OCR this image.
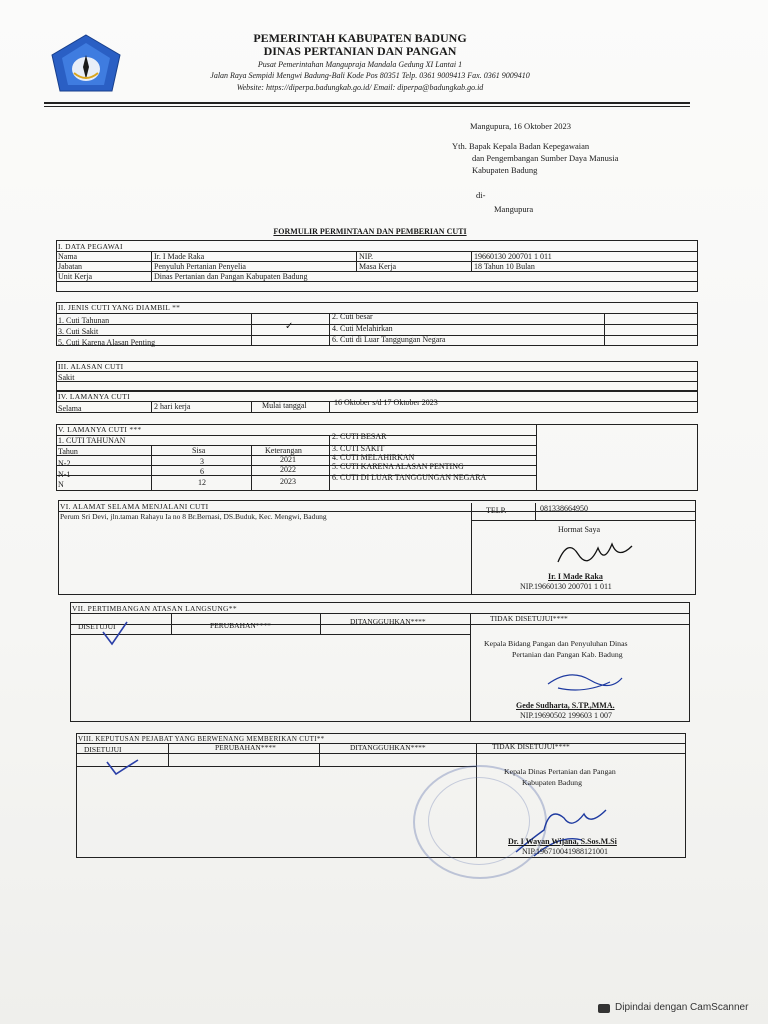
PEMERINTAH KABUPATEN BADUNG
DINAS PERTANIAN DAN PANGAN
Pusat Pemerintahan Mangupraja Mandala Gedung XI Lantai 1
Jalan Raya Sempidi Mengwi Badung-Bali Kode Pos 80351 Telp. 0361 9009413 Fax. 0361 9009410
Website: https://diperpa.badungkab.go.id/ Email: diperpa@badungkab.go.id
Mangupura, 16 Oktober 2023
Yth. Bapak Kepala Badan Kepegawaian
dan Pengembangan Sumber Daya Manusia
Kabupaten Badung
di-
Mangupura
FORMULIR PERMINTAAN DAN PEMBERIAN CUTI
I. DATA PEGAWAI
Nama	Ir. I Made Raka	NIP.	19660130 200701 1 011
Jabatan	Penyuluh Pertanian Penyelia	Masa Kerja	18 Tahun 10 Bulan
Unit Kerja	Dinas Pertanian dan Pangan Kabupaten Badung
II. JENIS CUTI YANG DIAMBIL **
1. Cuti Tahunan	2. Cuti besar
3. Cuti Sakit	✓	4. Cuti Melahirkan
5. Cuti Karena Alasan Penting	6. Cuti di Luar Tanggungan Negara
III. ALASAN CUTI
Sakit
IV. LAMANYA CUTI
Selama	2 hari kerja	Mulai tanggal	16 Oktober s/d 17 Oktober 2023
V. LAMANYA CUTI ***
1. CUTI TAHUNAN	2. CUTI BESAR
Tahun	Sisa	Keterangan	3. CUTI SAKIT
N-2	3	2021	4. CUTI MELAHIRKAN
N-1	6	2022	5. CUTI KARENA ALASAN PENTING
N	12	2023	6. CUTI DI LUAR TANGGUNGAN NEGARA
VI. ALAMAT SELAMA MENJALANI CUTI	TELP.	081338664950
Perum Sri Devi, jln.taman Rahayu Ia no 8 Br.Bernasi, DS.Buduk, Kec. Mengwi, Badung
Hormat Saya
Ir. I Made Raka
NIP.19660130 200701 1 011
VII. PERTIMBANGAN ATASAN LANGSUNG**
DISETUJUI	PERUBAHAN****	DITANGGUHKAN****	TIDAK DISETUJUI****
Kepala Bidang Pangan dan Penyuluhan Dinas
Pertanian dan Pangan Kab. Badung
Gede Sudharta, S.TP.,MMA.
NIP.19690502 199603 1 007
VIII. KEPUTUSAN PEJABAT YANG BERWENANG MEMBERIKAN CUTI**
DISETUJUI	PERUBAHAN****	DITANGGUHKAN****	TIDAK DISETUJUI****
Kepala Dinas Pertanian dan Pangan
Kabupaten Badung
Dr. I Wayan Wijana, S.Sos.M.Si
NIP.196710041988121001
Dipindai dengan CamScanner
